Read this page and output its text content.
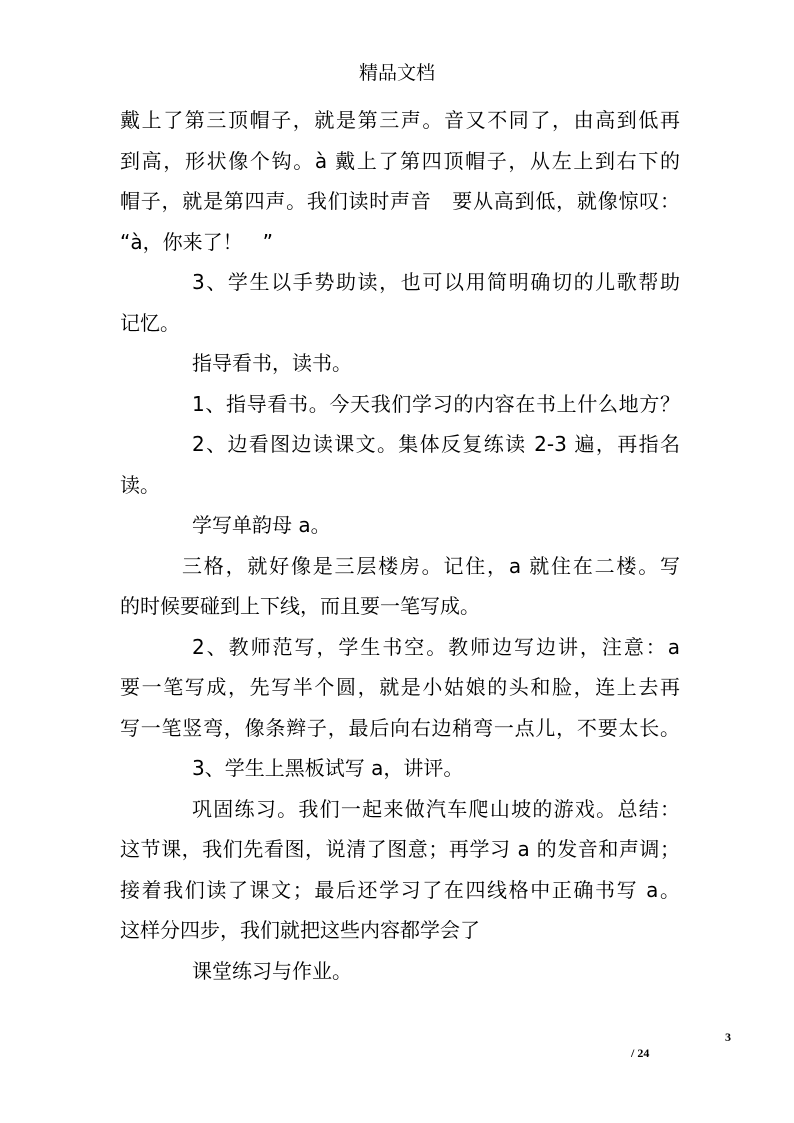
精品文档
戴上了第三顶帽子，就是第三声。音又不同了，由高到低再
到高，形状像个钩。à 戴上了第四顶帽子，从左上到右下的
帽子，就是第四声。我们读时声音　要从高到低，就像惊叹：
“à，你来了！　”
3、学生以手势助读，也可以用简明确切的儿歌帮助
记忆。
指导看书，读书。
1、指导看书。今天我们学习的内容在书上什么地方？
2、边看图边读课文。集体反复练读 2-3 遍，再指名
读。
学写单韵母 a。
三格，就好像是三层楼房。记住，a 就住在二楼。写
的时候要碰到上下线，而且要一笔写成。
2、教师范写，学生书空。教师边写边讲，注意：a
要一笔写成，先写半个圆，就是小姑娘的头和脸，连上去再
写一笔竖弯，像条辫子，最后向右边稍弯一点儿，不要太长。
3、学生上黑板试写 a，讲评。
巩固练习。我们一起来做汽车爬山坡的游戏。总结：
这节课，我们先看图，说清了图意；再学习 a 的发音和声调；
接着我们读了课文；最后还学习了在四线格中正确书写 a。
这样分四步，我们就把这些内容都学会了
课堂练习与作业。
3
/ 24
